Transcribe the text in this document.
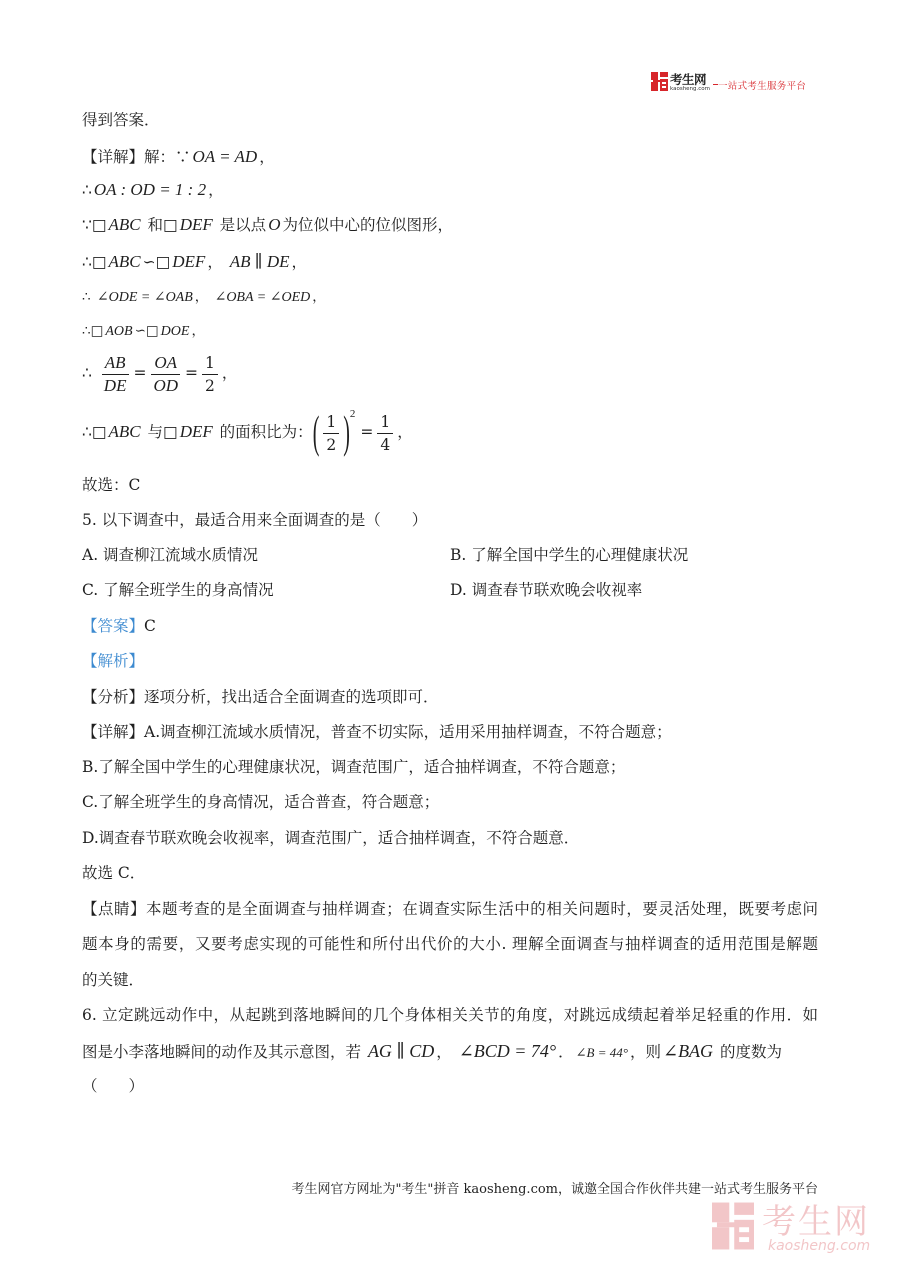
考生网
kaosheng.com 一站式考生服务平台
得到答案．
【详解】解：∵ OA = AD ，
∴ OA : OD = 1 : 2 ，
∵□ ABC 和□ DEF 是以点 O 为位似中心的位似图形，
∴□ ABC ∽□ DEF ， AB ∥ DE ，
∴ ∠ODE = ∠OAB ， ∠OBA = ∠OED ，
∴□ AOB ∽□ DOE ，
∴ $\frac{AB}{DE} = \frac{OA}{OD} = \frac{1}{2}$ ，
∴□ ABC 与□ DEF 的面积比为：( $\frac{1}{2} )^2 = \frac{1}{4}$ ，
故选：C
5. 以下调查中，最适合用来全面调查的是（　　）
A. 调查柳江流域水质情况	B. 了解全国中学生的心理健康状况
C. 了解全班学生的身高情况	D. 调查春节联欢晚会收视率
【答案】C
【解析】
【分析】逐项分析，找出适合全面调查的选项即可．
【详解】A.调查柳江流域水质情况，普查不切实际，适用采用抽样调查，不符合题意；
B.了解全国中学生的心理健康状况，调查范围广，适合抽样调查，不符合题意；
C.了解全班学生的身高情况，适合普查，符合题意；
D.调查春节联欢晚会收视率，调查范围广，适合抽样调查，不符合题意．
故选 C．
【点睛】本题考查的是全面调查与抽样调查；在调查实际生活中的相关问题时，要灵活处理，既要考虑问
题本身的需要，又要考虑实现的可能性和所付出代价的大小. 理解全面调查与抽样调查的适用范围是解题
的关键．
6. 立定跳远动作中，从起跳到落地瞬间的几个身体相关关节的角度，对跳远成绩起着举足轻重的作用．如
图是小李落地瞬间的动作及其示意图，若 AG ∥ CD ， ∠BCD = 74° ． ∠B = 44° ，则 ∠BAG 的度数为
（　　）
考生网官方网址为"考生"拼音 kaosheng.com，诚邀全国合作伙伴共建一站式考生服务平台
考生网
kaosheng.com
